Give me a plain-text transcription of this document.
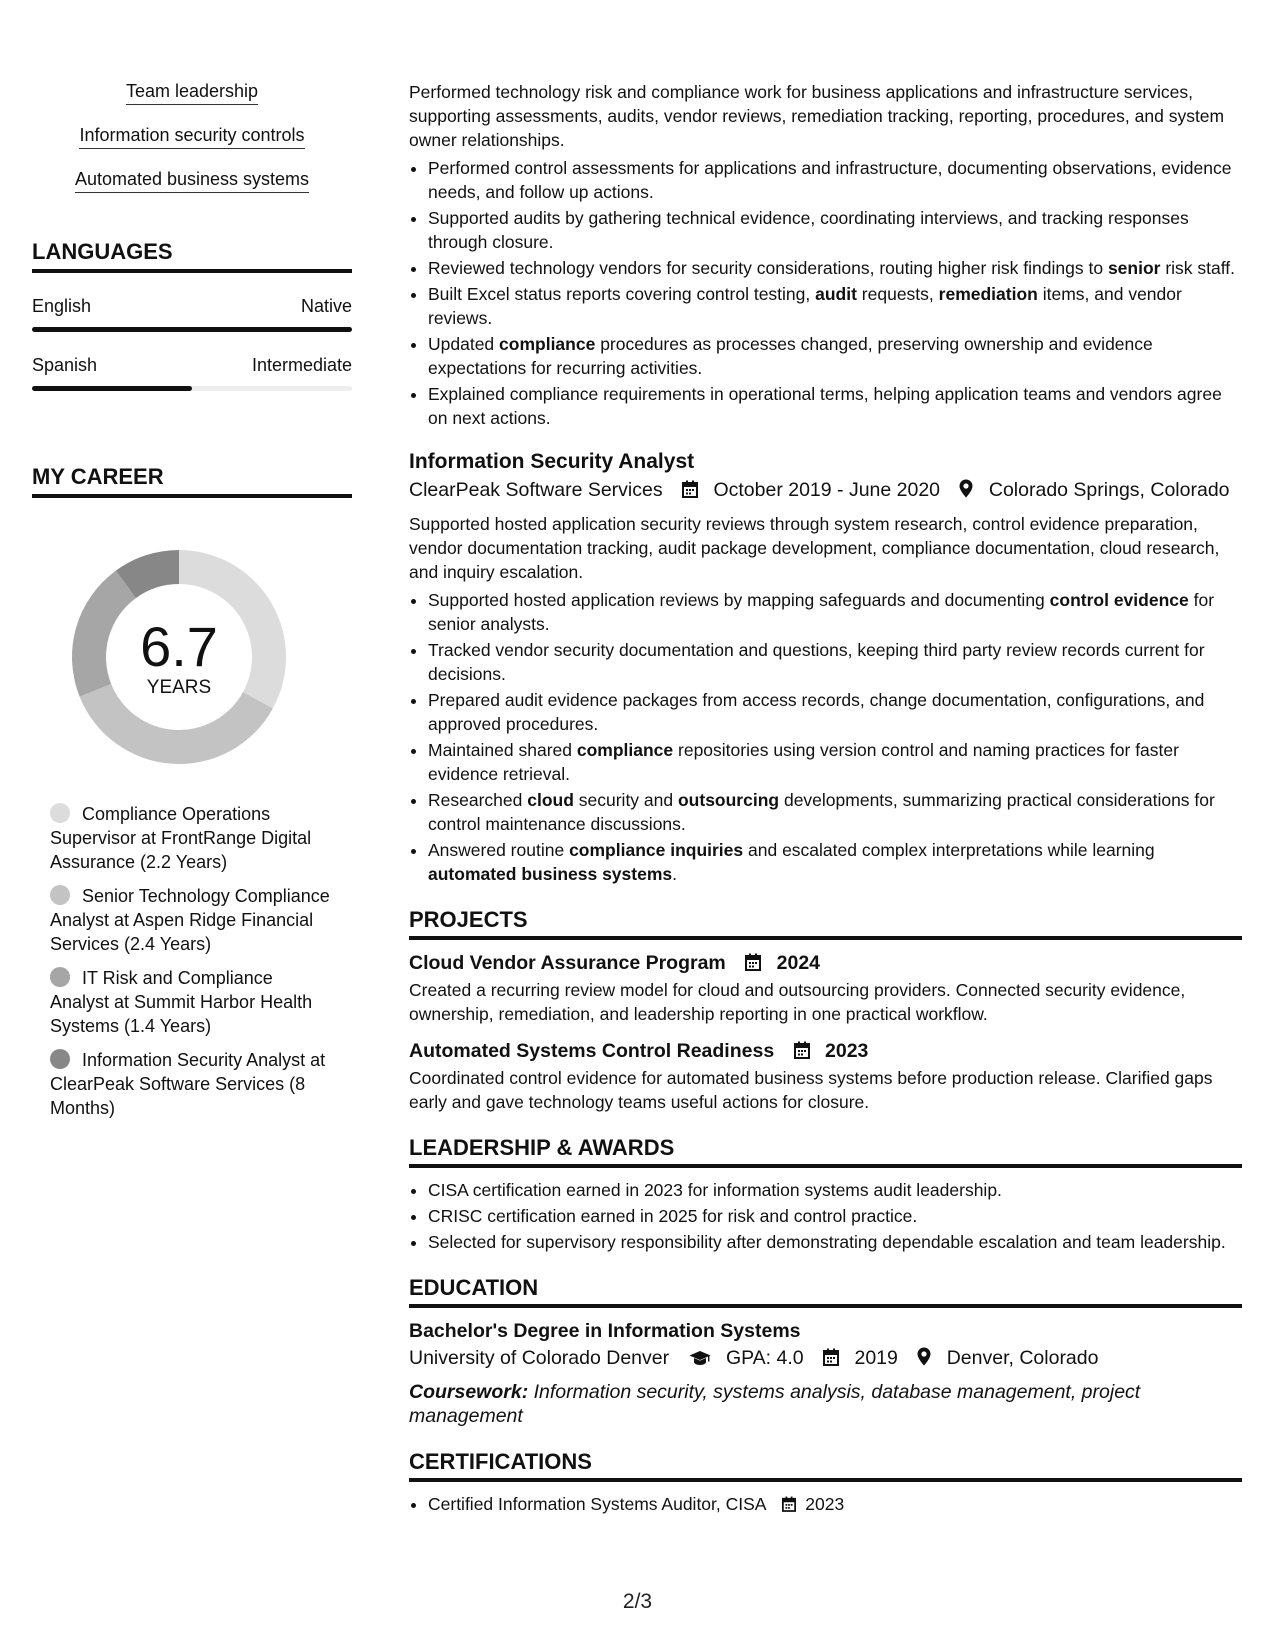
Team leadership
Information security controls
Automated business systems
LANGUAGES
English	Native
Spanish	Intermediate
MY CAREER
6.7
YEARS
Compliance Operations Supervisor at FrontRange Digital Assurance (2.2 Years)
Senior Technology Compliance Analyst at Aspen Ridge Financial Services (2.4 Years)
IT Risk and Compliance Analyst at Summit Harbor Health Systems (1.4 Years)
Information Security Analyst at ClearPeak Software Services (8 Months)

Performed technology risk and compliance work for business applications and infrastructure services, supporting assessments, audits, vendor reviews, remediation tracking, reporting, procedures, and system owner relationships.

• Performed control assessments for applications and infrastructure, documenting observations, evidence needs, and follow up actions.
• Supported audits by gathering technical evidence, coordinating interviews, and tracking responses through closure.
• Reviewed technology vendors for security considerations, routing higher risk findings to senior risk staff.
• Built Excel status reports covering control testing, audit requests, remediation items, and vendor reviews.
• Updated compliance procedures as processes changed, preserving ownership and evidence expectations for recurring activities.
• Explained compliance requirements in operational terms, helping application teams and vendors agree on next actions.
Information Security Analyst
ClearPeak Software Services	October 2019 - June 2020	Colorado Springs, Colorado

Supported hosted application security reviews through system research, control evidence preparation, vendor documentation tracking, audit package development, compliance documentation, cloud research, and inquiry escalation.

• Supported hosted application reviews by mapping safeguards and documenting control evidence for senior analysts.
• Tracked vendor security documentation and questions, keeping third party review records current for decisions.
• Prepared audit evidence packages from access records, change documentation, configurations, and approved procedures.
• Maintained shared compliance repositories using version control and naming practices for faster evidence retrieval.
• Researched cloud security and outsourcing developments, summarizing practical considerations for control maintenance discussions.
• Answered routine compliance inquiries and escalated complex interpretations while learning automated business systems.
PROJECTS
Cloud Vendor Assurance Program	2024

Created a recurring review model for cloud and outsourcing providers. Connected security evidence, ownership, remediation, and leadership reporting in one practical workflow.

Automated Systems Control Readiness	2023

Coordinated control evidence for automated business systems before production release. Clarified gaps early and gave technology teams useful actions for closure.

LEADERSHIP & AWARDS
• CISA certification earned in 2023 for information systems audit leadership.
• CRISC certification earned in 2025 for risk and control practice.
• Selected for supervisory responsibility after demonstrating dependable escalation and team leadership.
EDUCATION
Bachelor's Degree in Information Systems
University of Colorado Denver	GPA: 4.0	2019	Denver, Colorado
Coursework: Information security, systems analysis, database management, project management
CERTIFICATIONS
• Certified Information Systems Auditor, CISA 2023
2/3
